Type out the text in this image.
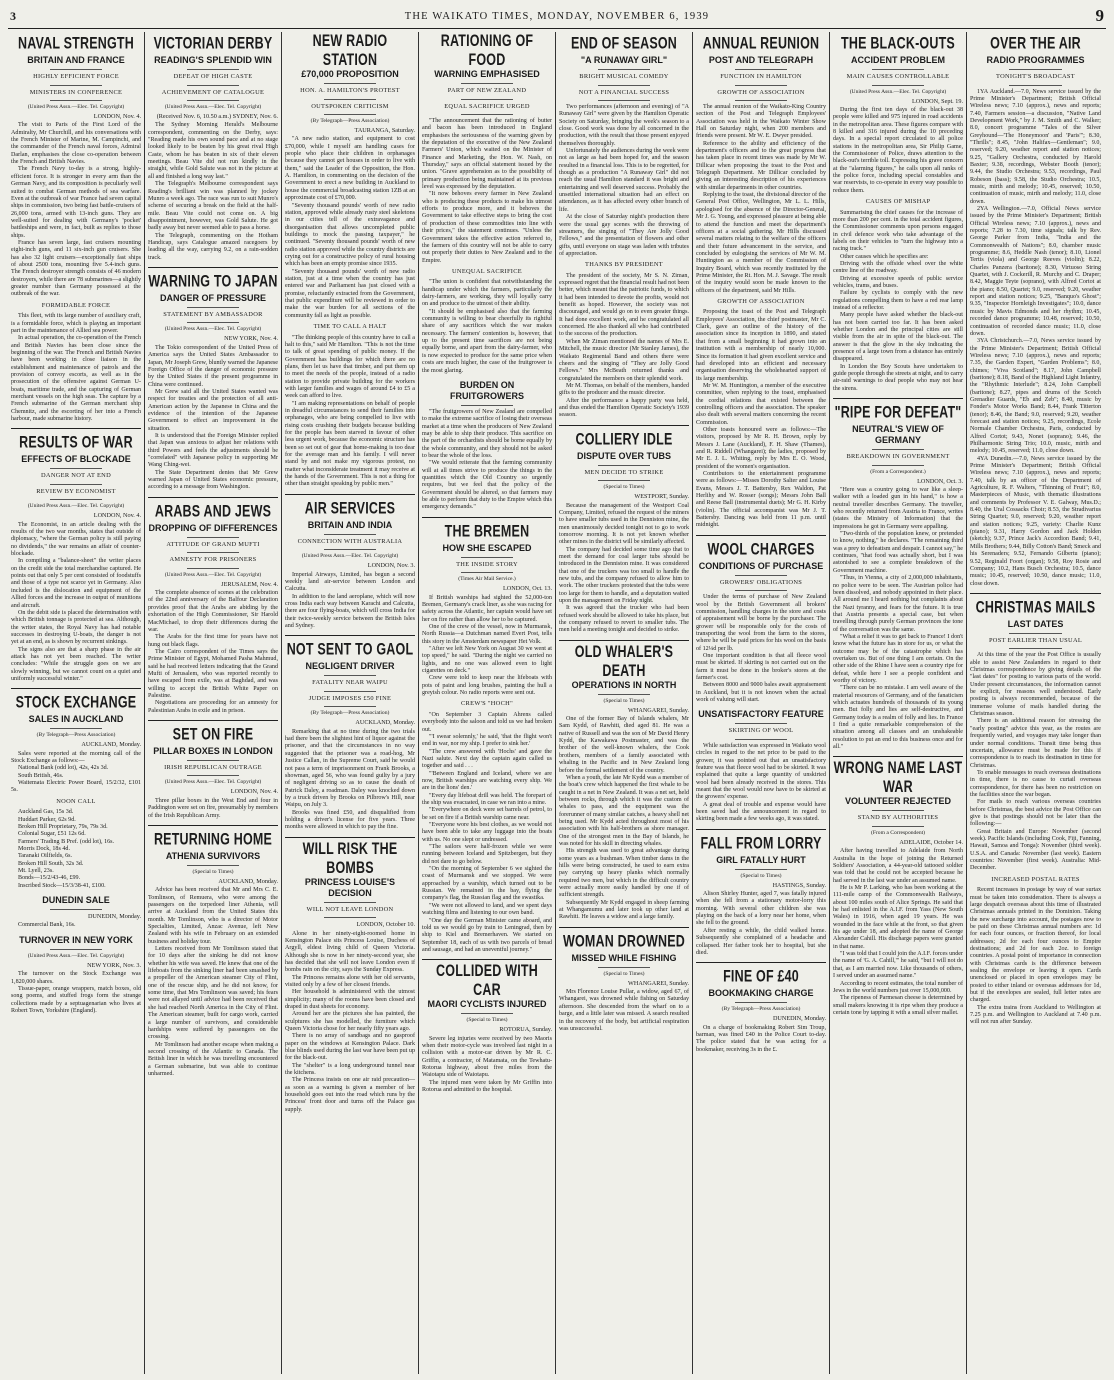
3	THE WAIKATO TIMES, MONDAY, NOVEMBER 6, 1939	9
NAVAL STRENGTH
BRITAIN AND FRANCE
HIGHLY EFFICIENT FORCE
MINISTERS IN CONFERENCE
(United Press Assn.—Elec. Tel. Copyright)
LONDON, Nov. 4.

The visit to Paris of the First Lord of the Admiralty, Mr Churchill, and his conversations with the French Minister of Marine, M. Campinchi, and the commander of the French naval forces, Admiral Darlan, emphasises the close co-operation between the French and British Navies.

The French Navy to-day is a strong, highly-efficient force. It is stronger in every arm than the German Navy, and its composition is peculiarly well suited to combat German methods of sea warfare. Even at the outbreak of war France had seven capital ships in commission, two being fast battle-cruisers of 26,000 tons, armed with 13-inch guns. They are well-suited for dealing with Germany's 'pocket' battleships and were, in fact, built as replies to those ships.

France has seven large, fast cruisers mounting eight-inch guns, and 11 six-inch gun cruisers. She has also 32 light cruisers—exceptionally fast ships of about 2500 tons, mounting five 5.4-inch guns. The French destroyer strength consists of 46 modern destroyers, while there are 78 submarines—a slightly greater number than Germany possessed at the outbreak of the war.

FORMIDABLE FORCE

This fleet, with its large number of auxiliary craft, is a formidable force, which is playing an important part in the maintenance of Allied sea power.

In actual operation, the co-operation of the French and British Navies has been close since the beginning of the war. The French and British Navies have been working in close liaison in the establishment and maintenance of patrols and the provision of convoy escorts, as well as in the prosecution of the offensive against German U-boats, maritime trade, and the capturing of German merchant vessels on the high seas. The capture by a French submarine of the German merchant ship Chemnitz, and the escorting of her into a French harbour, made submarine history.

RESULTS OF WAR
EFFECTS OF BLOCKADE
DANGER NOT AT END
REVIEW BY ECONOMIST
(United Press Assn.—Elec. Tel. Copyright)
LONDON, Nov. 4.

The Economist, in an article dealing with the results of the two war months, states that outside of diplomacy, "where the German policy is still paying no dividends," the war remains an affair of counter-blockade.

In compiling a "balance-sheet" the writer places on the credit side the total merchandise captured. He points out that only 5 per cent consisted of foodstuffs and those of a type not scarce yet in Germany. Also included is the dislocation and equipment of the Allied forces and the increase in output of munitions and aircraft.

On the debit side is placed the determination with which British tonnage is protected at sea. Although, the writer states, the Royal Navy has had notable successes in destroying U-boats, the danger is not yet at an end, as is shown by recurrent sinkings.

The signs also are that a sharp phase in the air attack has not yet been reached. The writer concludes: "While the struggle goes on we are slowly winning, but we cannot count on a quiet and uniformly successful winter."

STOCK EXCHANGE
SALES IN AUCKLAND
(By Telegraph—Press Association)
AUCKLAND, Monday.

Sales were reported at the morning call of the Stock Exchange as follows:—

National Bank (odd lot), 42s, 42s 3d.

South British, 46s.

Waitemata Electric Power Board, 15/2/32, £101 5s.

NOON CALL

Auckland Gas, 15s 3d.

Huddart Parker, 62s 9d.

Broken Hill Proprietary, 79s, 79s 3d.

Colonial Sugar, £51 12s 6d.

Farmers' Trading B Pref. (odd lot), 16s.

Morris Dock, 18s 4d.

Taranaki Oilfields, 6s.

Broken Hill South, 32s 3d.

Mt. Lyell, 23s.

Bonds—15/2/43-46, £99.

Inscribed Stock—15/3/38-41, £100.

DUNEDIN SALE
DUNEDIN, Monday.

Commercial Bank, 16s.

TURNOVER IN NEW YORK
(United Press Assn.—Elec. Tel. Copyright)
NEW YORK, Nov. 3.

The turnover on the Stock Exchange was 1,820,000 shares.

Tissue-paper, orange wrappers, match boxes, old song poems, and stuffed frogs form the strange collections made by a septuagenarian who lives at Robert Town, Yorkshire (England).

VICTORIAN DERBY
READING'S SPLENDID WIN
DEFEAT OF HIGH CASTE
ACHIEVEMENT OF CATALOGUE
(United Press Assn.—Elec. Tel. Copyright)
(Received Nov. 6, 10.50 a.m.) SYDNEY, Nov. 6.

The Sydney Morning Herald's Melbourne correspondent, commenting on the Derby, says: "Reading made his own sound pace and at no stage looked likely to be beaten by his great rival High Caste, whom he has beaten in six of their eleven meetings. Beau Vite did not run kindly in the straight, while Gold Salute was not in the picture at all and finished a long way last."

The Telegraph's Melbourne correspondent says Reading's brilliant win was planned by jockey Munro a week ago. The race was run to suit Munro's scheme of securing a break on the field at the half-mile. Beau Vite could not come on. A big disappointment, however, was Gold Salute. He got badly away but never seemed able to pass a horse.

The Telegraph, commenting on the Hotham Handicap, says Catalogue amazed racegoers by leading all the way, carrying 9.2, on a rain-sodden track.

WARNING TO JAPAN
DANGER OF PRESSURE
STATEMENT BY AMBASSADOR
(United Press Assn.—Elec. Tel. Copyright)
NEW YORK, Nov. 4.

The Tokio correspondent of the United Press of America says the United States Ambassador to Japan, Mr Joseph Grew, bluntly warned the Japanese Foreign Office of the danger of economic pressure by the United States if the present programme in China were continued.

Mr Grew said all the United States wanted was respect for treaties and the protection of all anti-American action by the Japanese in China and the evidence of the intention of the Japanese Government to effect an improvement in the situation.

It is understood that the Foreign Minister replied that Japan was anxious to adjust her relations with third Powers and feels the adjustments should be "correlated" with Japanese policy in supporting Mr Wang Ching-wei.

The State Department denies that Mr Grew warned Japan of United States economic pressure, according to a message from Washington.

ARABS AND JEWS
DROPPING OF DIFFERENCES
ATTITUDE OF GRAND MUFTI
AMNESTY FOR PRISONERS
(United Press Assn.—Elec. Tel. Copyright)
JERUSALEM, Nov. 4.

The complete absence of scenes at the celebration of the 22nd anniversary of the Balfour Declaration provides proof that the Arabs are abiding by the exhortation of the High Commissioner, Sir Harold MacMichael, to drop their differences during the war.

The Arabs for the first time for years have not hung out black flags.

The Cairo correspondent of the Times says the Prime Minister of Egypt, Mohamed Pasha Mahmud, said he had received letters indicating that the Grand Mufti of Jerusalem, who was reported recently to have escaped from exile, was at Baghdad, and was willing to accept the British White Paper on Palestine.

Negotiations are proceeding for an amnesty for Palestinian Arabs in exile and in prison.

SET ON FIRE
PILLAR BOXES IN LONDON
IRISH REPUBLICAN OUTRAGE
(United Press Assn.—Elec. Tel. Copyright)
LONDON, Nov. 4.

Three pillar boxes in the West End and four in Paddington were set on fire, presumably by members of the Irish Republican Army.

RETURNING HOME
ATHENIA SURVIVORS
(Special to Times)
AUCKLAND, Monday.

Advice has been received that Mr and Mrs C. E. Tomlinson, of Remuera, who were among the passengers on the torpedoed liner Athenia, will arrive at Auckland from the United States this month. Mr Tomlinson, who is a director of Motor Specialties, Limited, Anzac Avenue, left New Zealand with his wife in February on an extended business and holiday tour.

Letters received from Mr Tomlinson stated that for 10 days after the sinking he did not know whether his wife was saved. He knew that one of the lifeboats from the sinking liner had been smashed by a propeller of the American steamer City of Flint, one of the rescue ship, and he did not know, for some time, that Mrs Tomlinson was saved; his fears were not allayed until advice had been received that she had reached North America in the City of Flint. The American steamer, built for cargo work, carried a large number of survivors, and considerable hardships were suffered by passengers on the crossing.

Mr Tomlinson had another escape when making a second crossing of the Atlantic to Canada. The British liner in which he was travelling encountered a German submarine, but was able to continue unharmed.

NEW RADIO STATION
£70,000 PROPOSITION
HON. A. HAMILTON'S PROTEST
OUTSPOKEN CRITICISM
(By Telegraph—Press Association)
TAURANGA, Saturday.

"A new radio station, and equipment to cost £70,000, while I myself am handling cases for people who place their children in orphanages because they cannot get houses in order to live with them," said the Leader of the Opposition, the Hon. A. Hamilton, in commenting on the decision of the Government to erect a new building in Auckland to house the commercial broadcasting station 1ZB at an approximate cost of £70,000.

"Seventy thousand pounds' worth of new radio station, approved while already rusty steel skeletons in our cities tell of the extravagance and disorganisation that allows uncompleted public buildings to mock the passing taxpayer," he continued. "Seventy thousand pounds' worth of new radio station approved while the country districts are crying out for a constructive policy of rural housing which has been an empty promise since 1935.

"Seventy thousand pounds' worth of new radio station, just at a time when the country has just entered war and Parliament has just closed with a promise, reluctantly extracted from the Government, that public expenditure will be reviewed in order to make the war burden for all sections of the community fall as light as possible.

TIME TO CALL A HALT

"The thinking people of this country have to call a halt to this," said Mr Hamilton. "This is not the time to talk of great spending of public money. If the Government has buildings for which there are no plans, then let us have that timber, and put them up to meet the needs of the people, instead of a radio station to provide private building for the workers with larger families and wages of around £4 to £5 a week can afford to live.

"I am making representations on behalf of people in dreadful circumstances to send their families into orphanages, who are being compelled to live with rising costs crushing their budgets because building for the people has been starved in favour of other less urgent work, because the economic structure has been so set out of gear that home-making is too dear for the average man and his family. I will never stand by and not make my vigorous protest, no matter what inconsiderate treatment it may receive at the hands of the Government. This is not a thing for other than straight speaking by public men."

AIR SERVICES
BRITAIN AND INDIA
CONNECTION WITH AUSTRALIA
(United Press Assn.—Elec. Tel. Copyright)
LONDON, Nov. 3.

Imperial Airways, Limited, has begun a second weekly land air-service between London and Calcutta.

In addition to the land aeroplane, which will now cross India each way between Karachi and Calcutta, there are four flying-boats, which will cross India for their twice-weekly service between the British Isles and Sydney.

NOT SENT TO GAOL
NEGLIGENT DRIVER
FATALITY NEAR WAIPU
JUDGE IMPOSES £50 FINE
(By Telegraph—Press Association)
AUCKLAND, Monday.

Remarking that at no time during the two trials had there been the slightest hint of liquor against the prisoner, and that the circumstances in no way suggested that the prisoner was a road-hog, Mr Justice Callan, in the Supreme Court, said he would not pass a term of imprisonment on Frank Brooks, a showman, aged 56, who was found guilty by a jury of negligent driving so as to cause the death of Patrick Daley, a roadman. Daley was knocked down by a truck driven by Brooks on Pilbrow's Hill, near Waipu, on July 3.

Brooks was fined £50, and disqualified from holding a driver's license for five years. Three months were allowed in which to pay the fine.

WILL RISK THE BOMBS
PRINCESS LOUISE'S DECISION
WILL NOT LEAVE LONDON
LONDON, October 10.

Alone in her ninety-eight-roomed home in Kensington Palace sits Princess Louise, Duchess of Argyll, eldest living child of Queen Victoria. Although she is now in her ninety-second year, she has decided that she will not leave London even if bombs rain on the city, says the Sunday Express.

The Princess remains alone with her old servants, visited only by a few of her closest friends.

Her household is administered with the utmost simplicity; many of the rooms have been closed and draped in dust sheets for economy.

Around her are the pictures she has painted, the sculptures she has modelled, the furniture which Queen Victoria chose for her nearly fifty years ago.

There is no array of sandbags and no gasproof paper on the windows at Kensington Palace. Dark blue blinds used during the last war have been put up for the black-out.

The "shelter" is a long underground tunnel near the kitchens.

The Princess insists on one air raid precaution—as soon as a warning is given a member of her household goes out into the road which runs by the Princess' front door and turns off the Palace gas supply.

RATIONING OF FOOD
WARNING EMPHASISED
PART OF NEW ZEALAND
EQUAL SACRIFICE URGED

"The announcement that the rationing of butter and bacon has been introduced in England emphasises the seriousness of the warning given by the deputation of the executive of the New Zealand Farmers' Union, which waited on the Minister of Finance and Marketing, the Hon. W. Nash, on Thursday," says an official statement issued by the union. "Grave apprehension as to the possibility of primary production being maintained at its previous level was expressed by the deputation.

"It now behoves every farmer in New Zealand who is producing these products to make his utmost efforts to produce more, and it behoves the Government to take effective steps to bring the cost of production of these commodities into line with their prices," the statement continues. "Unless the Government takes the effective action referred to, the farmers of this country will not be able to carry out properly their duties to New Zealand and to the Empire.

UNEQUAL SACRIFICE

"The union is confident that notwithstanding the handicap under which the farmers, particularly the dairy-farmers, are working, they will loyally carry on and produce to the utmost of their ability.

"It should be emphasised also that the farming community is willing to bear cheerfully its rightful share of any sacrifices which the war makes necessary. The farmers' contention is, however, that up to the present time sacrifices are not being equally borne, and apart from the dairy-farmer, who is now expected to produce for the same price when costs are much higher, the case of the fruitgrower is the most glaring.

BURDEN ON FRUITGROWERS

"The fruitgrowers of New Zealand are compelled to make the extreme sacrifice of losing their overseas market at a time when the producers of New Zealand may be able to ship their produce. This sacrifice on the part of the orchardists should be borne equally by the whole community, and they should not be asked to bear the whole of the loss.

"We would reiterate that the farming community will at all times strive to produce the things in the quantities which the Old Country so urgently requires, but we feel that the policy of the Government should be altered, so that farmers may be able to perform that duty to the Empire which this emergency demands."

THE BREMEN
HOW SHE ESCAPED
THE INSIDE STORY
(Times Air Mail Service.)
LONDON, Oct. 13.

If British warships had sighted the 52,000-ton Bremen, Germany's crack liner, as she was racing for safety across the Atlantic, her captain would have set her on fire rather than allow her to be captured.

One of the crew of the vessel, now in Murmansk, North Russia—a Dutchman named Evert Post, tells this story in the Amsterdam newspaper Het Volk.

"After we left New York on August 30 we went at top speed," he said. "During the night we carried no lights, and no one was allowed even to light cigarettes on deck."

Crew were told to keep near the lifeboats with pots of paint and long brushes, painting the hull a greyish colour. No radio reports were sent out.

CREW'S "HOCH"

"On September 3 Captain Ahrens called everybody into the saloon and told us we had broken out.

"'I swear solemnly,' he said, 'that the flight won't end in war, nor my ship. I prefer to sink her.'

"The crew answered with 'Hochs' and gave the Nazi salute. Next day the captain again called us together and said . . .

"'Between England and Iceland, where we are now, British warships are watching every ship. We are in the lions' den.'

"Every day lifeboat drill was held. The forepart of the ship was evacuated, in case we ran into a mine.

"Everywhere on deck were set barrels of petrol, to be set on fire if a British warship came near.

"Everyone wore his best clothes, as we would not have been able to take any luggage into the boats with us. No one slept or undressed.

"The sailors were half-frozen while we were running between Iceland and Spitzbergen, but they did not dare to go below.

"On the morning of September 6 we sighted the coast of Murmansk and we stopped. We were approached by a warship, which turned out to be Russian. We remained in the bay, flying the company's flag, the Russian flag and the swastika.

"We were not allowed to land, and we spent days watching films and listening to our own band.

"One day the German Minister came aboard, and told us we would go by train to Leningrad, then by ship to Kiel and Bremerhaven. We started on September 18, each of us with two parcels of bread and sausage, and had an uneventful journey."

COLLIDED WITH CAR
MAORI CYCLISTS INJURED
(Special to Times)
ROTORUA, Sunday.

Severe leg injuries were received by two Maoris when their motor-cycle was involved last night in a collision with a motor-car driven by Mr R. C. Griffin, a contractor, of Matamata, on the Tewhatu-Rotorua highway, about five miles from the Waiotapu side of Waiotapu.

The injured men were taken by Mr Griffin into Rotorua and admitted to the hospital.

END OF SEASON
"A RUNAWAY GIRL"
BRIGHT MUSICAL COMEDY
NOT A FINANCIAL SUCCESS

Two performances (afternoon and evening) of "A Runaway Girl" were given by the Hamilton Operatic Society on Saturday, bringing the week's season to a close. Good work was done by all concerned in the production, with the result that those present enjoyed themselves thoroughly.

Unfortunately the audiences during the week were not as large as had been hoped for, and the season resulted in a financial loss. This is to be regretted, for though as a production "A Runaway Girl" did not reach the usual Hamilton standard it was bright and entertaining and well deserved success. Probably the unsettled international situation had an effect on attendances, as it has affected every other branch of life.

At the close of Saturday night's production there were the usual gay scenes with the throwing of streamers, the singing of "They Are Jolly Good Fellows," and the presentation of flowers and other gifts, until everyone on stage was laden with tributes of appreciation.

THANKS BY PRESIDENT

The president of the society, Mr S. N. Ziman, expressed regret that the financial result had not been better, which meant that the patriotic funds, to which it had been intended to devote the profits, would not benefit as hoped. However, the society was not discouraged, and would go on to even greater things. It had done excellent work, and he congratulated all concerned. He also thanked all who had contributed to the success of the production.

When Mr Ziman mentioned the names of Mrs E. Mitchell, the music director (Mr Stanley James), the Waikato Regimental Band and others there were cheers and the singing of "They are Jolly Good Fellows." Mrs McBeath returned thanks and congratulated the members on their splendid work.

Mr M. Thomas, on behalf of the members, handed gifts to the producer and the music director.

After the performance a happy party was held, and thus ended the Hamilton Operatic Society's 1939 season.

COLLIERY IDLE
DISPUTE OVER TUBS
MEN DECIDE TO STRIKE
(Special to Times)
WESTPORT, Sunday.

Because the management of the Westport Coal Company, Limited, refused the request of the miners to have smaller tubs used in the Denniston mine, the men unanimously decided tonight not to go to work tomorrow morning. It is not yet known whether other mines in the district will be similarly affected.

The company had decided some time ago that to meet the demand for coal larger tubs should be introduced in the Denniston mine. It was considered that one of the truckers was too small to handle the new tubs, and the company refused to allow him to work. The other truckers protested that the tubs were too large for them to handle, and a deputation waited upon the management on Friday night.

It was agreed that the trucker who had been refused work should be allowed to take his place, but the company refused to revert to smaller tubs. The men held a meeting tonight and decided to strike.

OLD WHALER'S DEATH
OPERATIONS IN NORTH
(Special to Times)
WHANGAREI, Sunday.

One of the former Bay of Islands whalers, Mr Sam Kydd, of Rawhiti, died aged 81. He was a native of Russell and was the son of Mr David Henry Kydd, the Kawakawa Postmaster, and was the brother of the well-known whalers, the Cook brothers, members of a family associated with whaling in the Pacific and in New Zealand long before the formal settlement of the country.

When a youth, the late Mr Kydd was a member of the boat's crew which happened the first whale to be caught in a net in New Zealand. It was a net set, held between rocks, through which it was the custom of whales to pass, and the equipment was the forerunner of many similar catches, a heavy shell net being used. Mr Kydd acted throughout most of his association with his half-brothers as shore manager. One of the strongest men in the Bay of Islands, he was noted for his skill in directing whales.

His strength was used to great advantage during some years as a bushman. When timber dams in the hills were being constructed, he used to earn extra pay carrying up heavy planks which normally required two men, but which in the difficult country were actually more easily handled by one if of sufficient strength.

Subsequently Mr Kydd engaged in sheep farming at Whangamumu and later took up other land at Rawhiti. He leaves a widow and a large family.

WOMAN DROWNED
MISSED WHILE FISHING
(Special to Times)
WHANGAREI, Sunday.

Mrs Florence Louise Pullar, a widow, aged 67, of Whangarei, was drowned while fishing on Saturday afternoon. She descended from the wharf on to a barge, and a little later was missed. A search resulted in the recovery of the body, but artificial respiration was unsuccessful.

ANNUAL REUNION
POST AND TELEGRAPH
FUNCTION IN HAMILTON
GROWTH OF ASSOCIATION

The annual reunion of the Waikato-King Country section of the Post and Telegraph Employees' Association was held in the Waikato Winter Show Hall on Saturday night, when 200 members and friends were present. Mr W. E. Dwyer presided.

Reference to the ability and efficiency of the department's officers and to the great progress that has taken place in recent times was made by Mr W. Dillicar when proposing the toast to the Post and Telegraph Department. Mr Dillicar concluded by giving an interesting description of his experiences with similar departments in other countries.

Replying to the toast, the divisional director of the General Post Office, Wellington, Mr L. L. Hills, apologised for the absence of the Director-General, Mr J. G. Young, and expressed pleasure at being able to attend the function and meet the department's officers at a social gathering. Mr Hills discussed several matters relating to the welfare of the officers and their future advancement in the service, and concluded by eulogising the services of Mr W. M. Huntington as a member of the Commission of Inquiry Board, which was recently instituted by the Prime Minister, the Rt. Hon. M. J. Savage. The result of the inquiry would soon be made known to the officers of the department, said Mr Hills.

GROWTH OF ASSOCIATION

Proposing the toast of the Post and Telegraph Employees' Association, the chief postmaster, Mr C. Clark, gave an outline of the history of the association since its inception in 1890, and stated that from a small beginning it had grown into an institution with a membership of nearly 10,000. Since its formation it had given excellent service and had developed into an efficient and necessary organisation deserving the wholehearted support of its large membership.

Mr W. M. Huntington, a member of the executive committee, when replying to the toast, emphasised the cordial relations that existed between the controlling officers and the association. The speaker also dealt with several matters concerning the recent Commission.

Other toasts honoured were as follows:—The visitors, proposed by Mr R. H. Brown, reply by Messrs J. Lane (Auckland), F. H. Shaw (Thames), and R. Riddell (Whangarei); the ladies, proposed by Mr E. J. L. Whiting, reply by Mrs E. O. Wood, president of the women's organisation.

Contributors to the entertainment programme were as follows:—Misses Dorothy Salter and Louise Evans, Messrs J. T. Battersby, Rex Waldon, Pat Herlihy and W. Rosser (songs); Messrs John Ball and Reese Ball (instrumental duets); Mr G. H. Kirby (violin). The official accompanist was Mr J. T. Battersby. Dancing was held from 11 p.m. until midnight.

WOOL CHARGES
CONDITIONS OF PURCHASE
GROWERS' OBLIGATIONS

Under the terms of purchase of New Zealand wool by the British Government all brokers' commission, handling charges in the store and costs of appraisement will be borne by the purchaser. The grower will be responsible only for the costs of transporting the wool from the farm to the stores, where he will be paid prices for his wool on the basis of 12¼d per lb.

One important condition is that all fleece wool must be skirted. If skirting is not carried out on the farm it must be done in the broker's stores at the farmer's cost.

Between 8000 and 9000 bales await appraisement in Auckland, but it is not known when the actual work of valuing will start.

UNSATISFACTORY FEATURE
SKIRTING OF WOOL

While satisfaction was expressed in Waikato wool circles in regard to the net price to be paid to the grower, it was pointed out that an unsatisfactory feature was that fleece wool had to be skirted. It was explained that quite a large quantity of unskirted wool had been already received in the stores. This meant that the wool would now have to be skirted at the growers' expense.

A great deal of trouble and expense would have been saved had the announcement in regard to skirting been made a few weeks ago, it was stated.

FALL FROM LORRY
GIRL FATALLY HURT
(Special to Times)
HASTINGS, Sunday.

Alison Shirley Hunter, aged 7, was fatally injured when she fell from a stationary motor-lorry this morning. With several other children she was playing on the back of a lorry near her home, when she fell to the ground.

After resting a while, the child walked home. Subsequently she complained of a headache and collapsed. Her father took her to hospital, but she died.

FINE OF £40
BOOKMAKING CHARGE
(By Telegraph—Press Association)
DUNEDIN, Monday.

On a charge of bookmaking Robert Sim Troup, barman, was fined £40 in the Police Court to-day. The police stated that he was acting for a bookmaker, receiving 3s in the £.

THE BLACK-OUTS
ACCIDENT PROBLEM
MAIN CAUSES CONTROLLABLE
(United Press Assn.—Elec. Tel. Copyright)
LONDON, Sept. 19.

During the first ten days of the black-out 38 people were killed and 975 injured in road accidents in the metropolitan area. These figures compare with 8 killed and 316 injured during the 10 preceding days. In a special report circulated to all police stations in the metropolitan area, Sir Philip Game, the Commissioner of Police, draws attention to the black-out's terrible toll. Expressing his grave concern at the "alarming figures," he calls upon all ranks of the police force, including special constables and war reservists, to co-operate in every way possible to reduce them.

CAUSES OF MISHAP

Summarising the chief causes for the increase of more than 200 per cent. in the total accident figures, the Commissioner comments upon persons engaged in civil defence work who take advantage of the labels on their vehicles to "turn the highway into a racing track."

Other causes which he specifies are:

Driving with the offside wheel over the white centre line of the roadway.

Driving at excessive speeds of public service vehicles, trams, and buses.

Failure by cyclists to comply with the new regulations compelling them to have a red rear lamp instead of a reflector.

Many people have asked whether the black-out has not been carried too far. It has been asked whether London and the principal cities are still visible from the air in spite of the black-out. The answer is that the glow in the sky indicating the presence of a large town from a distance has entirely disappeared.

In London the Boy Scouts have undertaken to guide people through the streets at night, and to carry air-raid warnings to deaf people who may not hear the sirens.

"RIPE FOR DEFEAT"
NEUTRAL'S VIEW OF GERMANY
BREAKDOWN IN GOVERNMENT
(From a Correspondent.)
LONDON, Oct. 3.

"Here was a country going to war like a sleep-walker with a loaded gun in his hand," is how a neutral traveller describes Germany. The traveller, who recently returned from Austria to France, writes (states the Ministry of Information) that the impressions he got in Germany were appalling.

"Two-thirds of the population knew, or pretended to know, nothing," he declares. "The remaining third was a prey to defeatism and despair. I cannot say," he continues, "that food was actually short, but I was astonished to see a complete breakdown of the Government machine.

"Thus, in Vienna, a city of 2,000,000 inhabitants, no police were to be seen. The Austrian police had been dissolved, and nobody appointed in their place. All around me I heard nothing but complaints about the Nazi tyranny, and fears for the future. It is true that Austria presents a special case, but when travelling through purely German provinces the tone of the conversation was the same.

"What a relief it was to get back to France! I don't know what the future has in store for us, or what the outcome may be of the catastrophe which has overtaken us. But of one thing I am certain. On the other side of the Rhine I have seen a country ripe for defeat, while here I see a people confident and worthy of victory.

"There can be no mistake. I am well aware of the material resources of Germany, and of the fanaticism which actuates hundreds of thousands of its young men. But folly and lies are self-destructive, and Germany today is a realm of folly and lies. In France I find a quite remarkable comprehension of the situation among all classes and an unshakeable resolution to put an end to this business once and for all."

WRONG NAME LAST WAR
VOLUNTEER REJECTED
STAND BY AUTHORITIES
(From a Correspondent)
ADELAIDE, October 14.

After having travelled to Adelaide from North Australia in the hope of joining the Returned Soldiers' Association, a 44-year-old tattooed soldier was told that he could not be accepted because he had served in the last war under an assumed name.

He is Mr P. Larking, who has been working at the 111-mile camp of the Commonwealth Railways, about 100 miles south of Alice Springs. He said that he had enlisted in the A.I.F. from Yass (New South Wales) in 1916, when aged 19 years. He was wounded in the face while at the front, so that given his age under 18, and adopted the name of George Alexander Cahill. His discharge papers were granted in that name.

"I was told that I could join the A.I.F. forces under the name of 'G. A. Cahill,'" he said, "but I will not do that, as I am married now. Like thousands of others, I served under an assumed name."

According to recent estimates, the total number of Jews in the world numbers just over 15,000,000.

The ripeness of Parmesan cheese is determined by small makers knowing it is ripe when they produce a certain tone by tapping it with a small silver mallet.

OVER THE AIR
RADIO PROGRAMMES
TONIGHT'S BROADCAST

1YA Auckland.—7.0, News service issued by the Prime Minister's Department; British Official Wireless news; 7.10 (approx.), news and reports; 7.40, Farmers session—a discussion, "Native Land Development Work," by J. M. Smith and C. Walker; 8.0, concert programme "Tales of the Silver Greyhound—'The Honeymoon' and 'Paris'"; 8.30, "Thrills"; 8.45, "John Halifax—Gentleman"; 9.0, reserved; 9.20, weather report and station notices; 9.25, "Gallery Orchestra, conducted by Harold Baxter; 9.38, recordings, Webster Booth (tenor); 9.44, the Studio Orchestra; 9.53, recordings, Paul Robeson (bass); 9.58, the Studio Orchestra; 10.5, music, mirth and melody; 10.45, reserved; 10.50, continuation of music, mirth and melody; 11.0, close down.

2YA Wellington.—7.0, Official News service issued by the Prime Minister's Department; British Official Wireless news; 7.10 (approx.), news and reports; 7.28 to 7.30, time signals; talk by Rev. George Parker from India, "India and the Commonwealth of Nations"; 8.0, chamber music programme; 8.6, Heddle Nash (tenor); 8.10, Lionel Tertis (viola) and George Reeves (violin); 8.22, Charles Panzera (baritone); 8.30, Virtuoso String Quartet, with J. Cockerill, R. Murchy and C. Draper; 8.42, Maggie Teyte (soprano), with Alfred Cortot at the piano; 8.50, Quartet; 9.0, reserved; 9.20, weather report and station notices; 9.25, "Banquo's Ghost"; 9.35, "Inspector Hornleigh Investigates"; 10.0, dance music by Mavis Edmonds and her rhythm; 10.45, recorded dance programme; 10.48, reserved; 10.50, continuation of recorded dance music; 11.0, close down.

3YA Christchurch.—7.0, News service issued by the Prime Minister's Department; British Official Wireless news; 7.10 (approx.), news and reports; 7.35, the Garden Expert, "Garden Problems"; 8.0, chimes; "Viva Scotland"; 8.17, John Campbell (baritone); 8.18, Band of the Highland Light Infantry, the "Rhythmic Interlude"; 8.24, John Campbell (baritone); 8.27, pipes and drums of the Scotch Grenadier Guards, "Eb and Zeb"; 8.40, music by Fonder's Motor Works Band; 8.44, Frank Titterton (tenor); 8.46, the Band; 9.0, reserved; 9.20, weather forecast and station notices; 9.25, recordings, Ecole Normale Chamber Orchestra, Paris, conducted by Alfred Cortot; 9.43, Nonet (soprano); 9.46, the Philharmonic String Trio; 10.0, music, mirth and melody; 10.45, reserved; 11.0, close down.

4YA Dunedin.—7.0, News service issued by the Prime Minister's Department; British Official Wireless news; 7.10 (approx.), news and reports; 7.40, talk by an officer of the Department of Agriculture, R. F. Walters, "Thinning of Fruit"; 8.0, Masterpieces of Music, with thematic illustrations and comments by Professor V. E. Galway, Mus.D.; 8.40, the Ural Cossacks Choir; 8.53, the Stradivarius String Quartet; 9.0, reserved; 9.20, weather report and station notices; 9.25, variety: Charlie Kunz (piano); 9.31, Harry Gordon and Jack Holden (sketch); 9.37, Prince Jack's Accordion Band; 9.41, Mills Brothers; 9.44, Billy Cotton's Band; Smeck and his Serenaders; 9.52, Fernando Gilbertu (piano); 9.52, Reginald Foort (organ); 9.58, Roy Rosie and Company; 10.2, Hans Busch Orchestra; 10.5, dance music; 10.45, reserved; 10.50, dance music; 11.0, close down.

CHRISTMAS MAILS
LAST DATES
POST EARLIER THAN USUAL

At this time of the year the Post Office is usually able to assist New Zealanders in regard to their Christmas correspondence by giving details of the "last dates" for posting to various parts of the world. Under present circumstances, the information cannot be explicit, for reasons well understood. Early posting is always recommended, because of the immense volume of mails handled during the Christmas season.

There is an additional reason for stressing the "early posting" advice this year, as the routes are frequently varied, and voyages may take longer than under normal conditions. Transit time being thus uncertain, allowance must be made for this if correspondence is to reach its destination in time for Christmas.

To enable messages to reach overseas destinations in time, there is no cause to curtail overseas correspondence, for there has been no restriction on the facilities since the war began.

For mails to reach various overseas countries before Christmas, the best advice the Post Office can give is that postings should not be later than the following:—

Great Britain and Europe: November (second week). Pacific Islands (including Cook, Fiji, Fanning, Hawaii, Samoa and Tonga): November (third week). U.S.A. and Canada: November (last week). Eastern countries: November (first week). Australia: Mid-December.

INCREASED POSTAL RATES

Recent increases in postage by way of war surtax must be taken into consideration. There is always a large despatch overseas about this time of illustrated Christmas annuals printed in the Dominion. Taking the new surcharge into account, the postages now to be paid on these Christmas annual numbers are: 1d for each four ounces, or fraction thereof, for local addresses; 2d for each four ounces to Empire destinations; and 2d for each 2oz. to foreign countries. A postal point of importance in connection with Christmas cards is the difference between sealing the envelope or leaving it open. Cards unenclosed or placed in open envelopes may be posted to either inland or overseas addresses for 1d, but if the envelopes are sealed, full letter rates are charged.

The extra trains from Auckland to Wellington at 7.25 p.m. and Wellington to Auckland at 7.40 p.m. will not run after Sunday.
